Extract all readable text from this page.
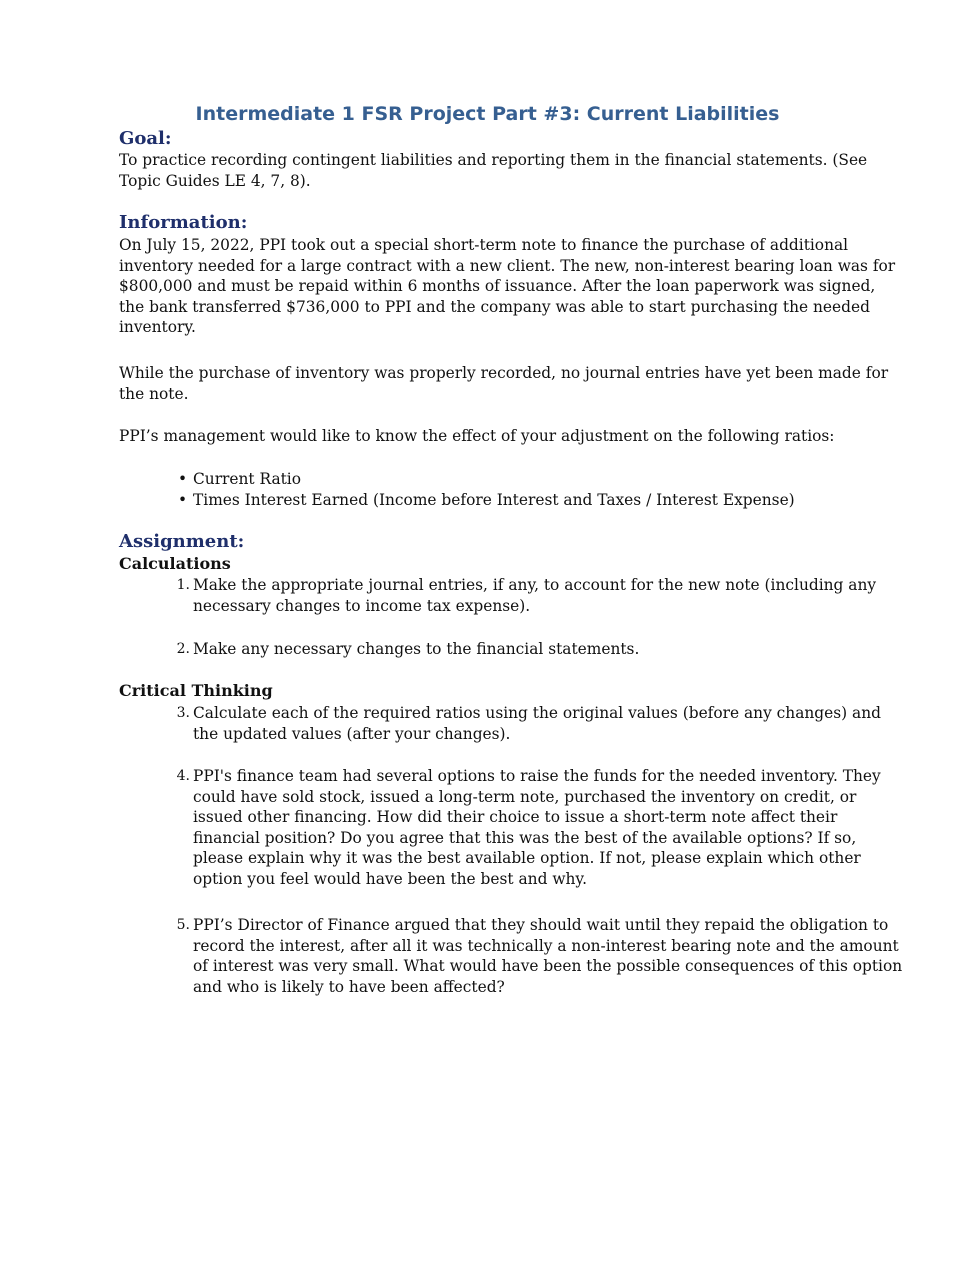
Intermediate 1 FSR Project Part #3: Current Liabilities
Goal:
To practice recording contingent liabilities and reporting them in the financial statements. (See
Topic Guides LE 4, 7, 8).
Information:
On July 15, 2022, PPI took out a special short-term note to finance the purchase of additional
inventory needed for a large contract with a new client. The new, non-interest bearing loan was for
$800,000 and must be repaid within 6 months of issuance. After the loan paperwork was signed,
the bank transferred $736,000 to PPI and the company was able to start purchasing the needed
inventory.
While the purchase of inventory was properly recorded, no journal entries have yet been made for
the note.
PPI’s management would like to know the effect of your adjustment on the following ratios:
• Current Ratio
• Times Interest Earned (Income before Interest and Taxes / Interest Expense)
Assignment:
Calculations
1. Make the appropriate journal entries, if any, to account for the new note (including any
necessary changes to income tax expense).
2. Make any necessary changes to the financial statements.
Critical Thinking
3. Calculate each of the required ratios using the original values (before any changes) and
the updated values (after your changes).
4. PPI's finance team had several options to raise the funds for the needed inventory. They
could have sold stock, issued a long-term note, purchased the inventory on credit, or
issued other financing. How did their choice to issue a short-term note affect their
financial position? Do you agree that this was the best of the available options? If so,
please explain why it was the best available option. If not, please explain which other
option you feel would have been the best and why.
5. PPI’s Director of Finance argued that they should wait until they repaid the obligation to
record the interest, after all it was technically a non-interest bearing note and the amount
of interest was very small. What would have been the possible consequences of this option
and who is likely to have been affected?
